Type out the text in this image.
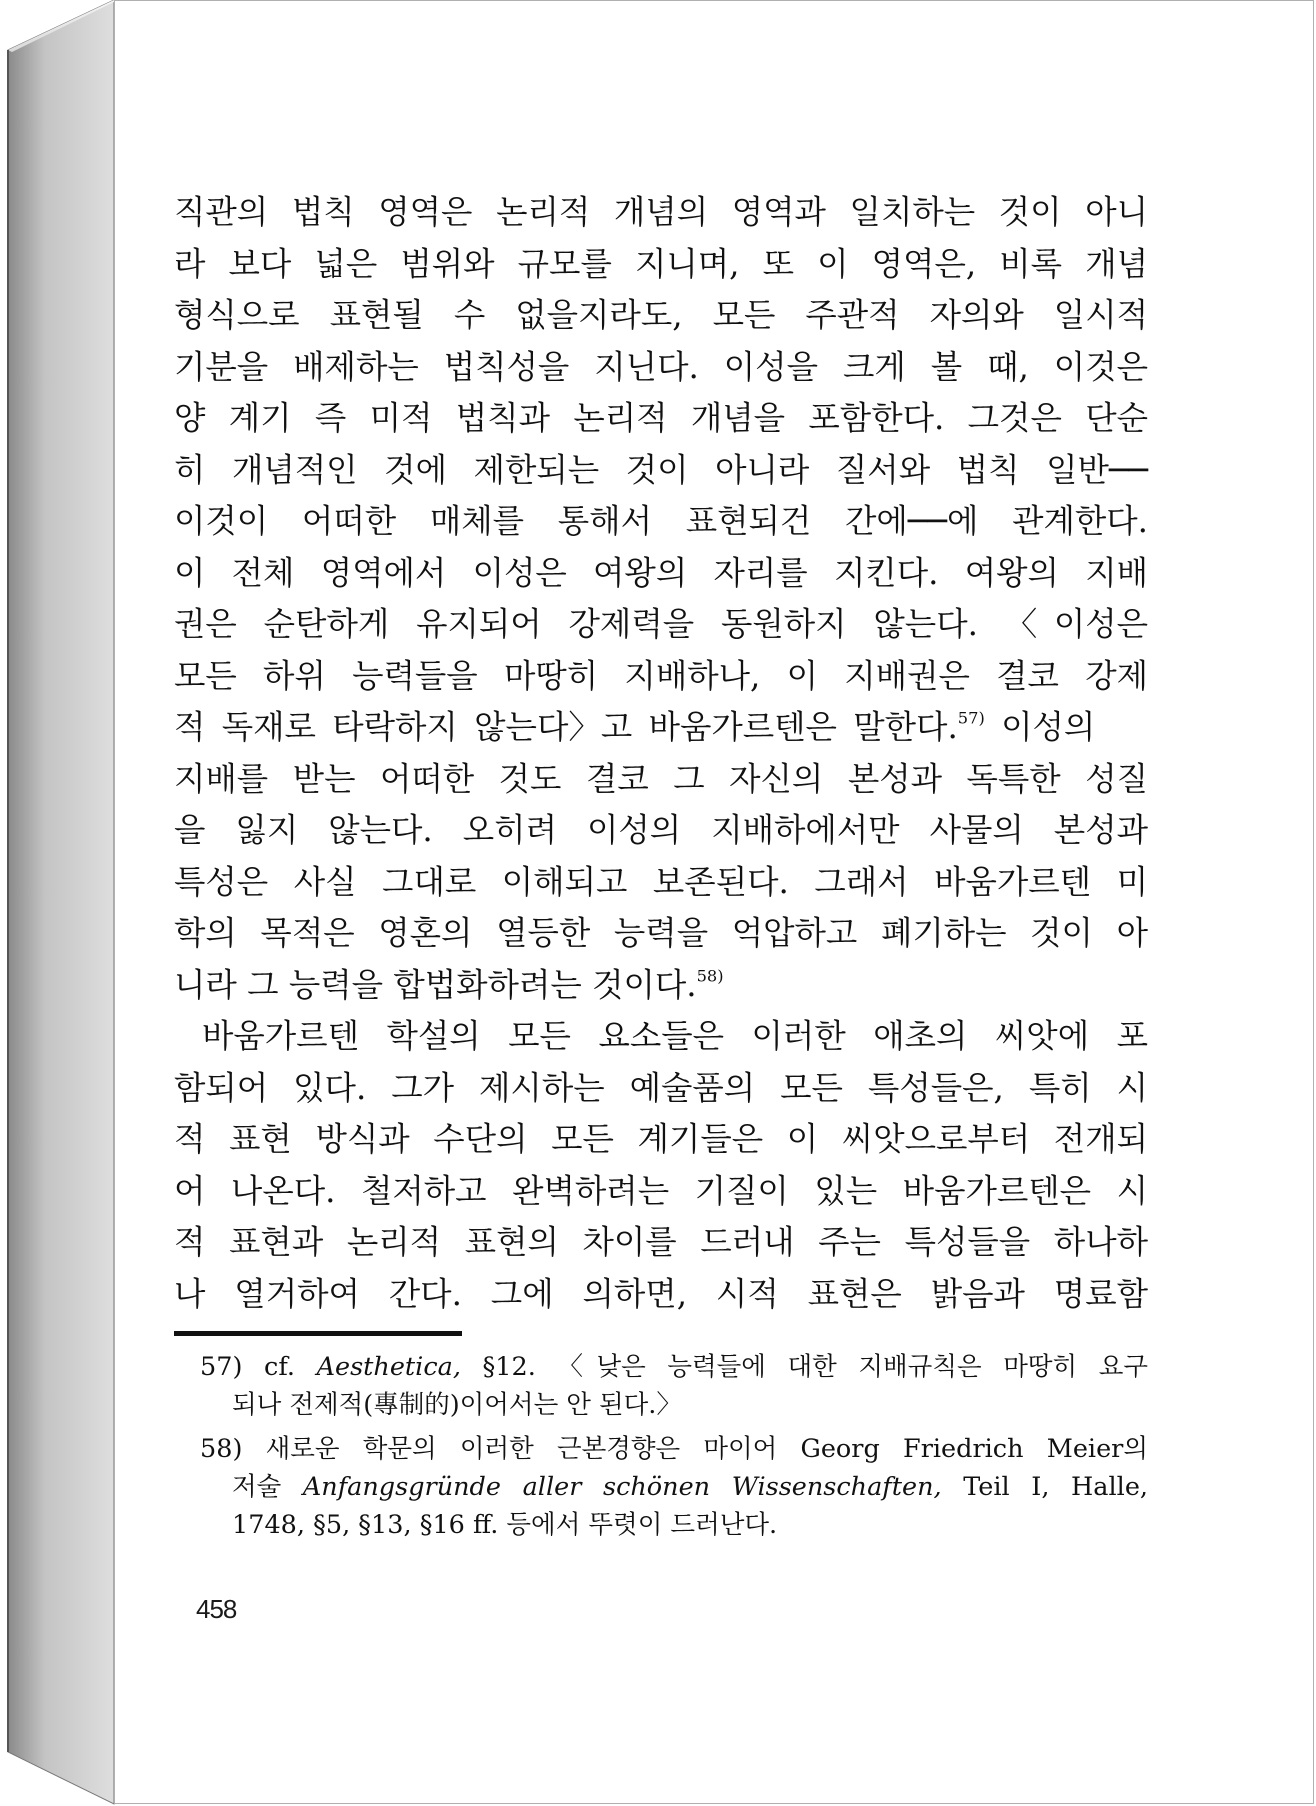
직관의 법칙 영역은 논리적 개념의 영역과 일치하는 것이 아니
라 보다 넓은 범위와 규모를 지니며, 또 이 영역은, 비록 개념
형식으로 표현될 수 없을지라도, 모든 주관적 자의와 일시적
기분을 배제하는 법칙성을 지닌다. 이성을 크게 볼 때, 이것은
양 계기 즉 미적 법칙과 논리적 개념을 포함한다. 그것은 단순
히 개념적인 것에 제한되는 것이 아니라 질서와 법칙 일반──
이것이 어떠한 매체를 통해서 표현되건 간에──에 관계한다.
이 전체 영역에서 이성은 여왕의 자리를 지킨다. 여왕의 지배
권은 순탄하게 유지되어 강제력을 동원하지 않는다. 〈이성은
모든 하위 능력들을 마땅히 지배하나, 이 지배권은 결코 강제
적 독재로 타락하지 않는다〉고 바움가르텐은 말한다.$^{57)}$ 이성의
지배를 받는 어떠한 것도 결코 그 자신의 본성과 독특한 성질
을 잃지 않는다. 오히려 이성의 지배하에서만 사물의 본성과
특성은 사실 그대로 이해되고 보존된다. 그래서 바움가르텐 미
학의 목적은 영혼의 열등한 능력을 억압하고 폐기하는 것이 아
니라 그 능력을 합법화하려는 것이다.$^{58)}$
바움가르텐 학설의 모든 요소들은 이러한 애초의 씨앗에 포
함되어 있다. 그가 제시하는 예술품의 모든 특성들은, 특히 시
적 표현 방식과 수단의 모든 계기들은 이 씨앗으로부터 전개되
어 나온다. 철저하고 완벽하려는 기질이 있는 바움가르텐은 시
적 표현과 논리적 표현의 차이를 드러내 주는 특성들을 하나하
나 열거하여 간다. 그에 의하면, 시적 표현은 밝음과 명료함
57) cf. Aesthetica, §12. 〈낮은 능력들에 대한 지배규칙은 마땅히 요구
되나 전제적(專制的)이어서는 안 된다.〉
58) 새로운 학문의 이러한 근본경향은 마이어 Georg Friedrich Meier의
저술 Anfangsgründe aller schönen Wissenschaften, Teil I, Halle,
1748, §5, §13, §16 ff. 등에서 뚜렷이 드러난다.
458
